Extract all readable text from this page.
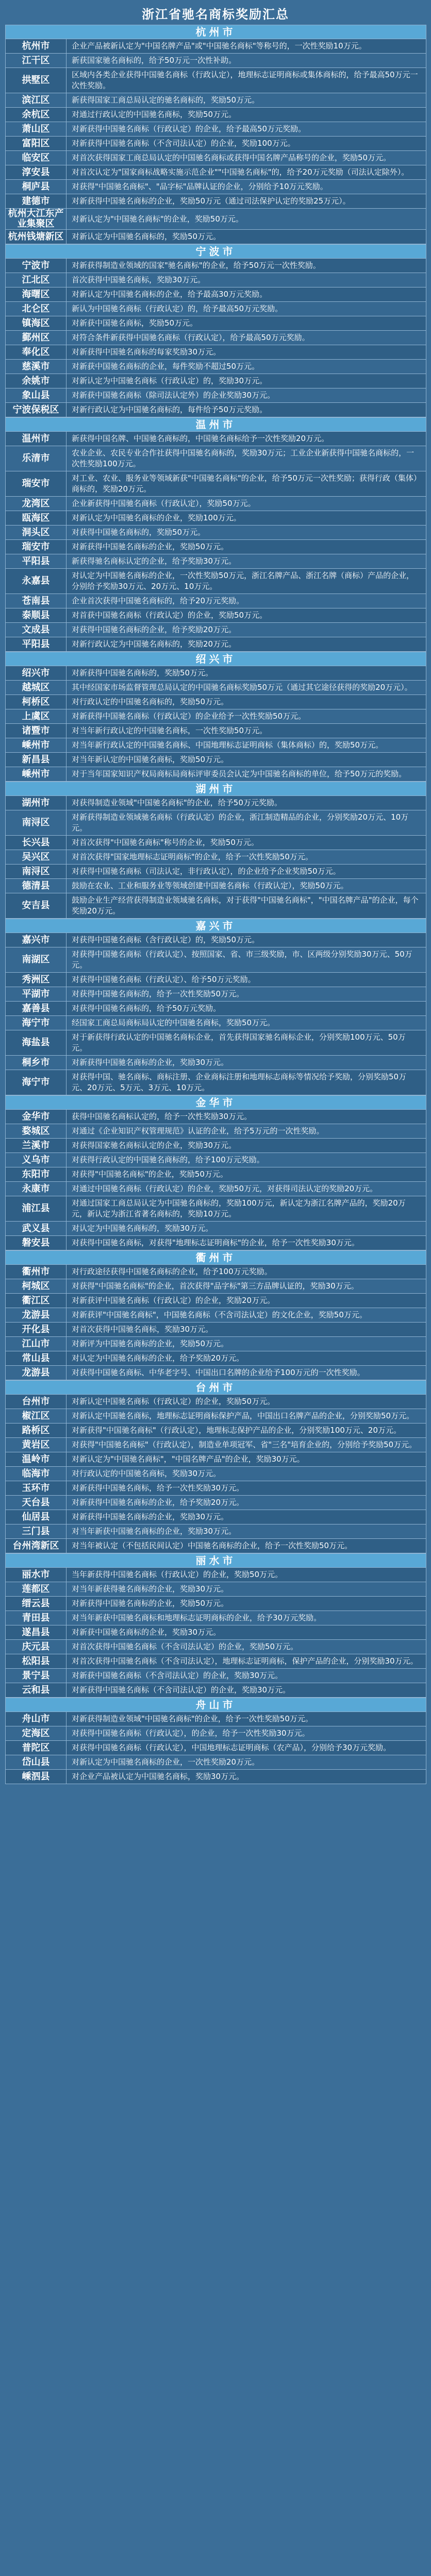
浙江省驰名商标奖励汇总
杭州市
杭州市	企业产品被新认定为"中国名牌产品"或"中国驰名商标"等称号的，一次性奖励10万元。
江干区	新获国家驰名商标的，给予50万元一次性补助。
拱墅区	区域内各类企业获得中国驰名商标（行政认定），地理标志证明商标或集体商标的，给予最高50万元一次性奖励。
滨江区	新获得国家工商总局认定的驰名商标的，奖励50万元。
余杭区	对通过行政认定的中国驰名商标，奖励50万元。
萧山区	对新获得中国驰名商标（行政认定）的企业，给予最高50万元奖励。
富阳区	对新获得中国驰名商标（不含司法认定）的企业，奖励100万元。
临安区	对首次获得国家工商总局认定的中国驰名商标或获得中国名牌产品称号的企业，奖励50万元。
淳安县	对首次认定为"国家商标战略实施示范企业""中国驰名商标"的，给予20万元奖励（司法认定除外）。
桐庐县	对获得"中国驰名商标"、"品字标"品牌认证的企业，分别给予10万元奖励。
建德市	对新获得中国驰名商标的企业，奖励50万元（通过司法保护认定的奖励25万元）。
杭州大江东产业集聚区	对新认定为"中国驰名商标"的企业，奖励50万元。
杭州钱塘新区	对新认定为中国驰名商标的，奖励50万元。
宁波市
宁波市	对新获得制造业领域的国家"驰名商标"的企业，给予50万元一次性奖励。
江北区	首次获得中国驰名商标，奖励30万元。
海曙区	对新认定为中国驰名商标的企业，给予最高30万元奖励。
北仑区	新认为中国驰名商标（行政认定）的，给予最高50万元奖励。
镇海区	对新获中国驰名商标，奖励50万元。
鄞州区	对符合条件新获得中国驰名商标（行政认定），给予最高50万元奖励。
奉化区	对新获得中国驰名商标的每家奖励30万元。
慈溪市	对新获中国驰名商标的企业，每件奖励不超过50万元。
余姚市	对新认定为中国驰名商标（行政认定）的，奖励30万元。
象山县	对新获中国驰名商标（除司法认定外）的企业奖励30万元。
宁波保税区	对新行政认定为中国驰名商标的，每件给予50万元奖励。
温州市
温州市	新获得中国名牌、中国驰名商标的，中国驰名商标给予一次性奖励20万元。
乐清市	农业企业、农民专业合作社获得中国驰名商标的，奖励30万元；工业企业新获得中国驰名商标的，一次性奖励100万元。
瑞安市	对工业、农业、服务业等领域新获"中国驰名商标"的企业，给予50万元一次性奖励；获得行政（集体）商标的，奖励20万元。
龙湾区	企业新获得中国驰名商标（行政认定），奖励50万元。
瓯海区	对新认定为中国驰名商标的企业，奖励100万元。
洞头区	对获得中国驰名商标的，奖励50万元。
瑞安市	对新获得中国驰名商标的企业，奖励50万元。
平阳县	新获得驰名商标认定的企业，给予奖励30万元。
永嘉县	对认定为中国驰名商标的企业，一次性奖励50万元，浙江名牌产品、浙江名牌（商标）产品的企业，分别给予奖励30万元、20万元、10万元。
苍南县	企业首次获得中国驰名商标的，给予20万元奖励。
泰顺县	对首获中国驰名商标（行政认定）的企业，奖励50万元。
文成县	对获得中国驰名商标的企业，给予奖励20万元。
平阳县	对新行政认定为中国驰名商标的，奖励20万元。
绍兴市
绍兴市	对新获得中国驰名商标的，奖励50万元。
越城区	其中经国家市场监督管理总局认定的中国驰名商标奖励50万元（通过其它途径获得的奖励20万元）。
柯桥区	对行政认定的中国驰名商标的，奖励50万元。
上虞区	对新获得中国驰名商标（行政认定）的企业给予一次性奖励50万元。
诸暨市	对当年新行政认定的中国驰名商标，一次性奖励50万元。
嵊州市	对当年新行政认定的中国驰名商标、中国地理标志证明商标（集体商标）的，奖励50万元。
新昌县	对当年新认定的中国驰名商标，奖励50万元。
嵊州市	对于当年国家知识产权局商标局商标评审委员会认定为中国驰名商标的单位，给予50万元的奖励。
湖州市
湖州市	对获得制造业领域"中国驰名商标"的企业，给予50万元奖励。
南浔区	对新获得制造业领域驰名商标（行政认定）的企业，浙江制造精品的企业，分别奖励20万元、10万元。
长兴县	对首次获得"中国驰名商标"称号的企业，奖励50万元。
吴兴区	对首次获得"国家地理标志证明商标"的企业，给予一次性奖励50万元。
南浔区	对获得中国驰名商标（司法认定，非行政认定），的企业给予企业奖励50万元。
德清县	鼓励在农业、工业和服务业等领域创建中国驰名商标（行政认定），奖励50万元。
安吉县	鼓励企业生产经营获得制造业领域驰名商标，对于获得"中国驰名商标"，"中国名牌产品"的企业，每个奖励20万元。
嘉兴市
嘉兴市	对获得中国驰名商标（含行政认定）的，奖励50万元。
南湖区	对获得中国驰名商标（行政认定）、按照国家、省、市三级奖励，市、区两级分别奖励30万元、50万元。
秀洲区	对获得中国驰名商标（行政认定）、给予50万元奖励。
平湖市	对获得中国驰名商标的，给予一次性奖励50万元。
嘉善县	对获得中国驰名商标的，给予50万元奖励。
海宁市	经国家工商总局商标局认定的中国驰名商标，奖励50万元。
海盐县	对于新获得行政认定的中国驰名商标企业，首先获得国家驰名商标企业，分别奖励100万元、50万元。
桐乡市	对新获得中国驰名商标的企业，奖励30万元。
海宁市	对获得中国、驰名商标、商标注册、企业商标注册和地理标志商标等情况给予奖励，分别奖励50万元、20万元、5万元、3万元、10万元。
金华市
金华市	获得中国驰名商标认定的，给予一次性奖励30万元。
婺城区	对通过《企业知识产权管理规范》认证的企业，给予5万元的一次性奖励。
兰溪市	对获得国家驰名商标认定的企业，奖励30万元。
义乌市	对获得行政认定的中国驰名商标的，给予100万元奖励。
东阳市	对获得"中国驰名商标"的企业，奖励50万元。
永康市	对通过中国驰名商标（行政认定）的企业，奖励50万元，对获得司法认定的奖励20万元。
浦江县	对通过国家工商总局认定为中国驰名商标的，奖励100万元，新认定为浙江名牌产品的，奖励20万元，新认定为浙江省著名商标的，奖励10万元。
武义县	对认定为中国驰名商标的，奖励30万元。
磐安县	对获得中国驰名商标，对获得"地理标志证明商标"的企业，给予一次性奖励30万元。
衢州市
衢州市	对行政途径获得中国驰名商标的企业，给予100万元奖励。
柯城区	对获得"中国驰名商标"的企业，首次获得"品字标"第三方品牌认证的，奖励30万元。
衢江区	对新获评中国驰名商标（行政认定）的企业，奖励20万元。
龙游县	对新获评"中国驰名商标"，中国驰名商标（不含司法认定）的文化企业，奖励50万元。
开化县	对首次获得中国驰名商标，奖励30万元。
江山市	对新评为中国驰名商标的企业，奖励50万元。
常山县	对认定为中国驰名商标的企业，给予奖励20万元。
龙游县	对获得中国驰名商标、中华老字号、中国出口名牌的企业给予100万元的一次性奖励。
台州市
台州市	对新认定中国驰名商标（行政认定）的企业，奖励50万元。
椒江区	对新认定中国驰名商标，地理标志证明商标保护产品，中国出口名牌产品的企业，分别奖励50万元。
路桥区	对新获得"中国驰名商标"（行政认定），地理标志保护产品的企业，分别奖励100万元、20万元。
黄岩区	对获得"中国驰名商标"（行政认定），制造业单项冠军、省"三名"培育企业的，分别给予奖励50万元。
温岭市	对新认定为"中国驰名商标"，"中国名牌产品"的企业，奖励30万元。
临海市	对行政认定的中国驰名商标，奖励30万元。
玉环市	对新获得中国驰名商标，给予一次性奖励30万元。
天台县	对新获得中国驰名商标的企业，给予奖励20万元。
仙居县	对新获得中国驰名商标的企业，奖励30万元。
三门县	对当年新获中国驰名商标的企业，奖励30万元。
台州湾新区	对当年被认定（不包括民间认定）中国驰名商标的企业，给予一次性奖励50万元。
丽水市
丽水市	当年新获得中国驰名商标（行政认定）的企业，奖励50万元。
莲都区	对当年新获得驰名商标的企业，奖励30万元。
缙云县	对新获得中国驰名商标的企业，奖励50万元。
青田县	对当年新获中国驰名商标和地理标志证明商标的企业，给予30万元奖励。
遂昌县	对新获中国驰名商标的企业，奖励30万元。
庆元县	对首次获得中国驰名商标（不含司法认定）的企业，奖励50万元。
松阳县	对首次获得中国驰名商标（不含司法认定），地理标志证明商标，保护产品的企业，分别奖励30万元。
景宁县	对新获中国驰名商标（不含司法认定）的企业，奖励30万元。
云和县	对新获得中国驰名商标（不含司法认定）的企业，奖励30万元。
舟山市
舟山市	对新获得制造业领域"中国驰名商标"的企业，给予一次性奖励50万元。
定海区	对获得中国驰名商标（行政认定），的企业，给予一次性奖励30万元。
普陀区	对获得中国驰名商标（行政认定），中国地理标志证明商标（农产品），分别给予30万元奖励。
岱山县	对新认定为中国驰名商标的企业，一次性奖励20万元。
嵊泗县	对企业产品被认定为中国驰名商标，奖励30万元。
